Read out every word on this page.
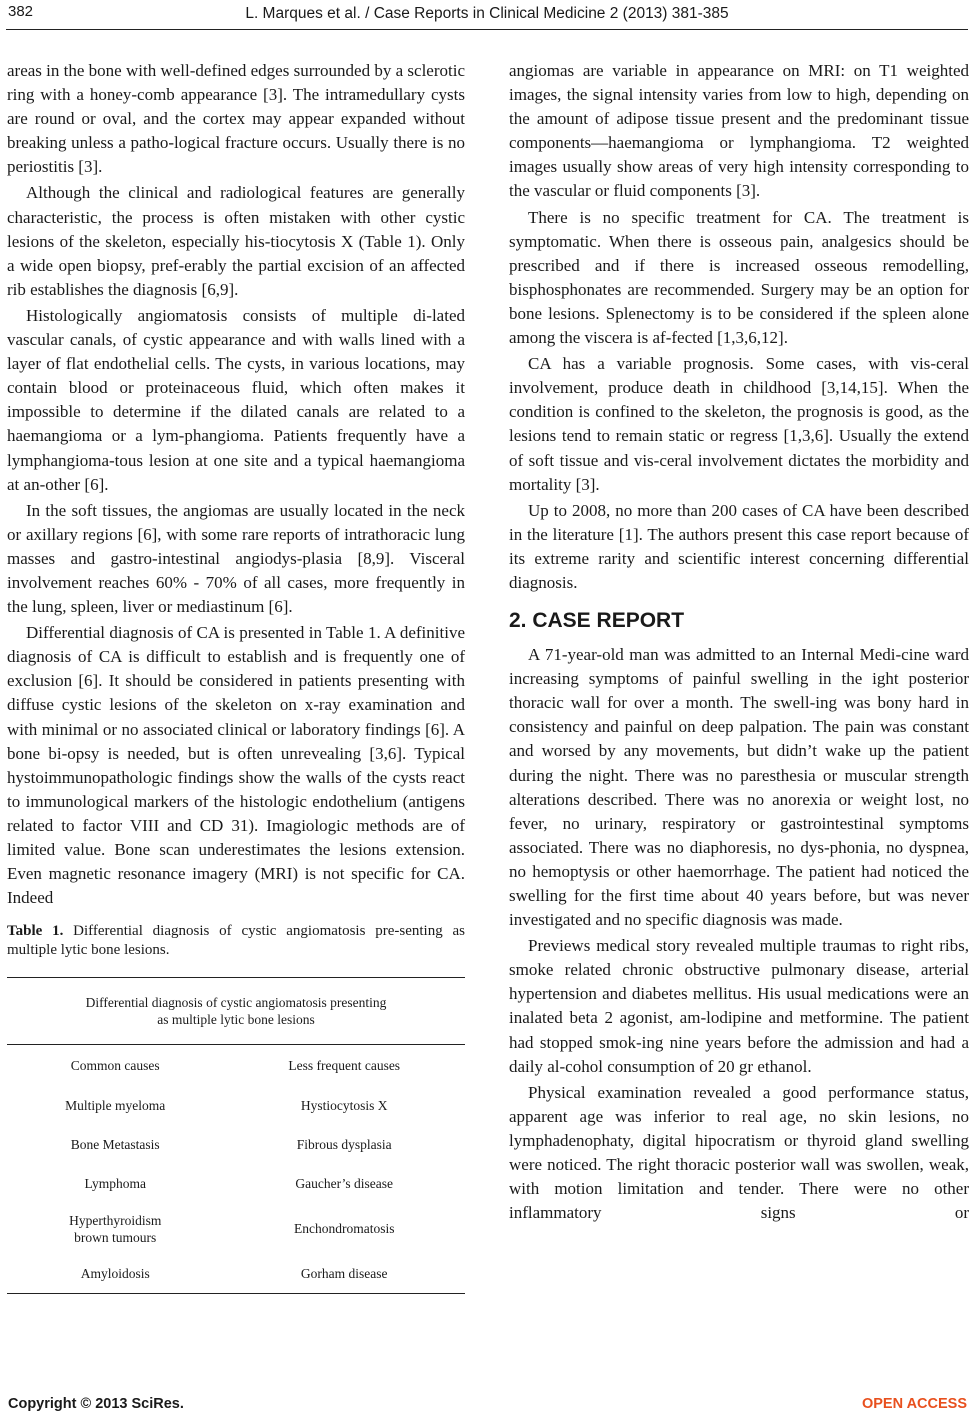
382	L. Marques et al. / Case Reports in Clinical Medicine 2 (2013) 381-385

areas in the bone with well-defined edges surrounded by a sclerotic ring with a honey-comb appearance [3]. The intramedullary cysts are round or oval, and the cortex may appear expanded without breaking unless a patho-logical fracture occurs. Usually there is no periostitis [3].

Although the clinical and radiological features are generally characteristic, the process is often mistaken with other cystic lesions of the skeleton, especially his-tiocytosis X (Table 1). Only a wide open biopsy, pref-erably the partial excision of an affected rib establishes the diagnosis [6,9].

Histologically angiomatosis consists of multiple di-lated vascular canals, of cystic appearance and with walls lined with a layer of flat endothelial cells. The cysts, in various locations, may contain blood or proteinaceous fluid, which often makes it impossible to determine if the dilated canals are related to a haemangioma or a lym-phangioma. Patients frequently have a lymphangioma-tous lesion at one site and a typical haemangioma at an-other [6].

In the soft tissues, the angiomas are usually located in the neck or axillary regions [6], with some rare reports of intrathoracic lung masses and gastro-intestinal angiodys-plasia [8,9]. Visceral involvement reaches 60% - 70% of all cases, more frequently in the lung, spleen, liver or mediastinum [6].

Differential diagnosis of CA is presented in Table 1. A definitive diagnosis of CA is difficult to establish and is frequently one of exclusion [6]. It should be considered in patients presenting with diffuse cystic lesions of the skeleton on x-ray examination and with minimal or no associated clinical or laboratory findings [6]. A bone bi-opsy is needed, but is often unrevealing [3,6]. Typical hystoimmunopathologic findings show the walls of the cysts react to immunological markers of the histologic endothelium (antigens related to factor VIII and CD 31). Imagiologic methods are of limited value. Bone scan underestimates the lesions extension. Even magnetic resonance imagery (MRI) is not specific for CA. Indeed

Table 1. Differential diagnosis of cystic angiomatosis pre-senting as multiple lytic bone lesions.

Differential diagnosis of cystic angiomatosis presenting
as multiple lytic bone lesions	
Common causes	Less frequent causes
Multiple myeloma	Hystiocytosis X
Bone Metastasis	Fibrous dysplasia
Lymphoma	Gaucher’s disease
Hyperthyroidism
brown tumours	Enchondromatosis
Amyloidosis	Gorham disease

angiomas are variable in appearance on MRI: on T1 weighted images, the signal intensity varies from low to high, depending on the amount of adipose tissue present and the predominant tissue components—haemangioma or lymphangioma. T2 weighted images usually show areas of very high intensity corresponding to the vascular or fluid components [3].

There is no specific treatment for CA. The treatment is symptomatic. When there is osseous pain, analgesics should be prescribed and if there is increased osseous remodelling, bisphosphonates are recommended. Surgery may be an option for bone lesions. Splenectomy is to be considered if the spleen alone among the viscera is af-fected [1,3,6,12].

CA has a variable prognosis. Some cases, with vis-ceral involvement, produce death in childhood [3,14,15]. When the condition is confined to the skeleton, the prognosis is good, as the lesions tend to remain static or regress [1,3,6]. Usually the extend of soft tissue and vis-ceral involvement dictates the morbidity and mortality [3].

Up to 2008, no more than 200 cases of CA have been described in the literature [1]. The authors present this case report because of its extreme rarity and scientific interest concerning differential diagnosis.

2. CASE REPORT

A 71-year-old man was admitted to an Internal Medi-cine ward increasing symptoms of painful swelling in the ight posterior thoracic wall for over a month. The swell-ing was bony hard in consistency and painful on deep palpation. The pain was constant and worsed by any movements, but didn’t wake up the patient during the night. There was no paresthesia or muscular strength alterations described. There was no anorexia or weight lost, no fever, no urinary, respiratory or gastrointestinal symptoms associated. There was no diaphoresis, no dys-phonia, no dyspnea, no hemoptysis or other haemorrhage. The patient had noticed the swelling for the first time about 40 years before, but was never investigated and no specific diagnosis was made.

Previews medical story revealed multiple traumas to right ribs, smoke related chronic obstructive pulmonary disease, arterial hypertension and diabetes mellitus. His usual medications were an inalated beta 2 agonist, am-lodipine and metformine. The patient had stopped smok-ing nine years before the admission and had a daily al-cohol consumption of 20 gr ethanol.

Physical examination revealed a good performance status, apparent age was inferior to real age, no skin lesions, no lymphadenophaty, digital hipocratism or thyroid gland swelling were noticed. The right thoracic posterior wall was swollen, weak, with motion limitation and tender. There were no other inflammatory signs or

Copyright © 2013 SciRes.	OPEN ACCESS
